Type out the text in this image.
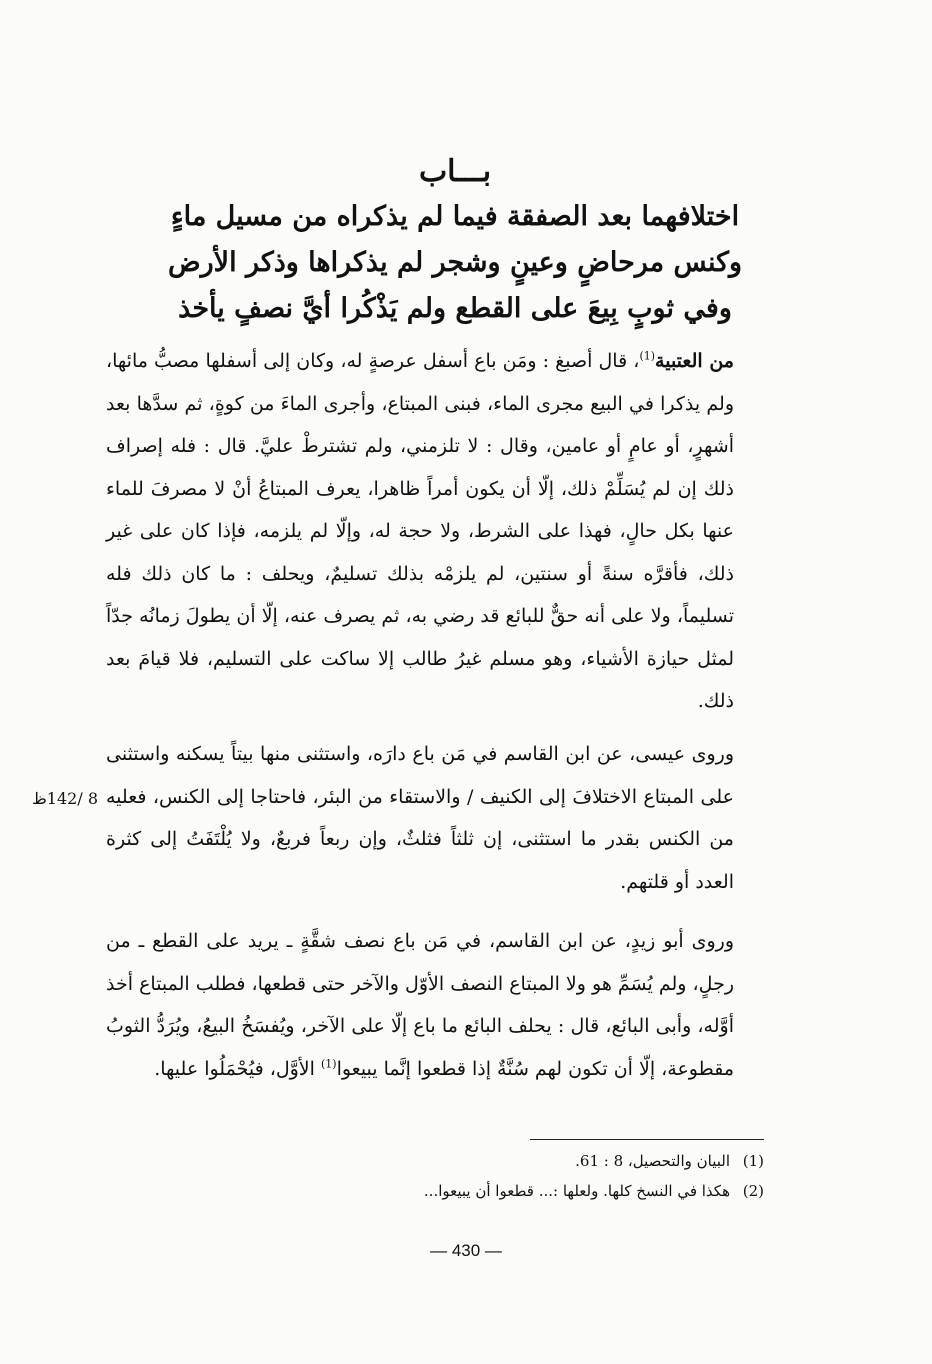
بـــاب
اختلافهما بعد الصفقة فيما لم يذكراه من مسيل ماءٍ
وكنس مرحاضٍ وعينٍ وشجر لم يذكراها وذكر الأرض
وفي ثوبٍ بِيعَ على القطع ولم يَذْكُرا أيَّ نصفٍ يأخذ

من العتبية$^{(1)}$، قال أصبغ : ومَن باع أسفل عرصةٍ له، وكان إلى أسفلها مصبُّ مائها، ولم يذكرا في البيع مجرى الماء، فبنى المبتاع، وأجرى الماءَ من كوةٍ، ثم سدَّها بعد أشهرٍ، أو عامٍ أو عامين، وقال : لا تلزمني، ولم تشترطْ عليَّ. قال : فله إصراف ذلك إن لم يُسَلِّمْ ذلك، إلّا أن يكون أمراً ظاهرا، يعرف المبتاعُ أنْ لا مصرفَ للماء عنها بكل حالٍ، فهذا على الشرط، ولا حجة له، وإلّا لم يلزمه، فإذا كان على غير ذلك، فأقرَّه سنةً أو سنتين، لم يلزمْه بذلك تسليمٌ، ويحلف : ما كان ذلك فله تسليماً، ولا على أنه حقٌّ للبائع قد رضي به، ثم يصرف عنه، إلّا أن يطولَ زمانُه جدّاً لمثل حيازة الأشياء، وهو مسلم غيرُ طالب إلا ساكت على التسليم، فلا قيامَ بعد ذلك.

وروى عيسى، عن ابن القاسم في مَن باع دارَه، واستثنى منها بيتاً يسكنه واستثنى على المبتاع الاختلافَ إلى الكنيف / والاستقاء من البئر، فاحتاجا إلى الكنس، فعليه من الكنس بقدر ما استثنى، إن ثلثاً فثلثٌ، وإن ربعاً فربعٌ، ولا يُلْتَفَتُ إلى كثرة العدد أو قلتهم.

8 /142ظ

وروى أبو زيدٍ، عن ابن القاسم، في مَن باع نصف شقَّةٍ ـ يريد على القطع ـ من رجلٍ، ولم يُسَمِّ هو ولا المبتاع النصف الأوّل والآخر حتى قطعها، فطلب المبتاع أخذ أوَّله، وأبى البائع، قال : يحلف البائع ما باع إلّا على الآخر، ويُفسَخُ البيعُ، ويُرَدُّ الثوبُ مقطوعة، إلّا أن تكون لهم سُنَّةٌ إذا قطعوا إنَّما يبيعوا$^{(1)}$ الأوَّل، فيُحْمَلُوا عليها.

(1)البيان والتحصيل، 8 : 61.
(2)هكذا في النسخ كلها. ولعلها :... قطعوا أن يبيعوا...
— 430 —
